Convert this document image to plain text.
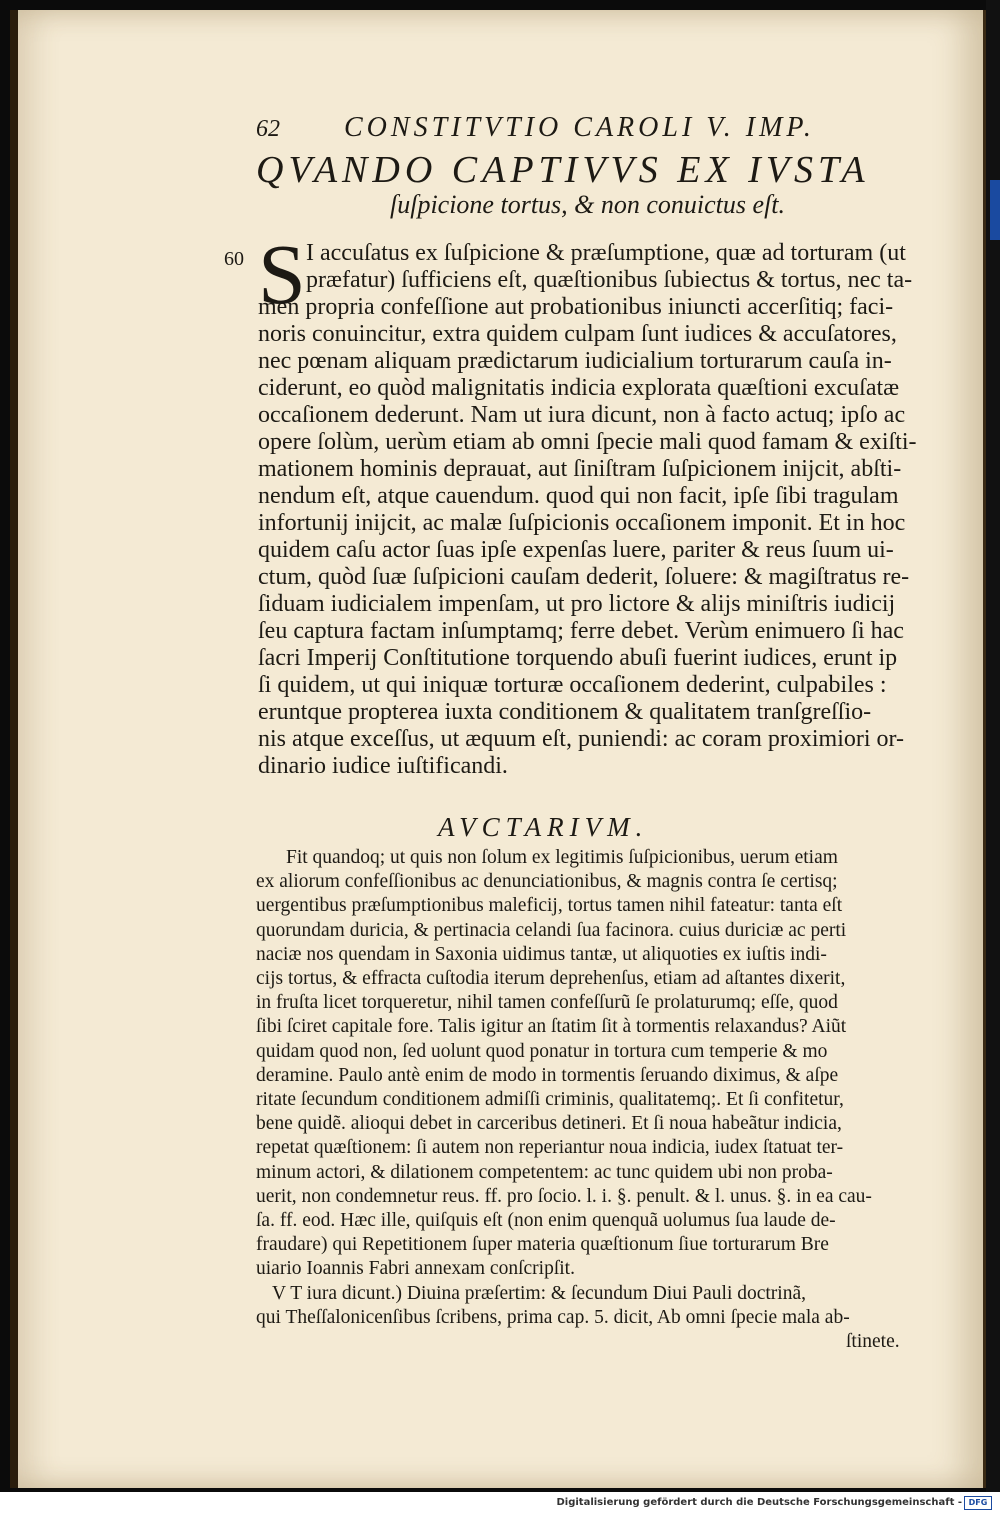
62 CONSTITVTIO CAROLI V. IMP.
QVANDO CAPTIVVS EX IVSTA
ſuſpicione tortus, & non conuictus eſt.
60 S I accuſatus ex ſuſpicione & præſumptione, quæ ad torturam (ut
præfatur) ſufficiens eſt, quæſtionibus ſubiectus & tortus, nec ta-
men propria confeſſione aut probationibus iniuncti accerſitiq; faci-
noris conuincitur, extra quidem culpam ſunt iudices & accuſatores,
nec pœnam aliquam prædictarum iudicialium torturarum cauſa in-
ciderunt, eo quòd malignitatis indicia explorata quæſtioni excuſatæ
occaſionem dederunt. Nam ut iura dicunt, non à facto actuq; ipſo ac
opere ſolùm, uerùm etiam ab omni ſpecie mali quod famam & exiſti-
mationem hominis deprauat, aut ſiniſtram ſuſpicionem inijcit, abſti-
nendum eſt, atque cauendum. quod qui non facit, ipſe ſibi tragulam
infortunij inijcit, ac malæ ſuſpicionis occaſionem imponit. Et in hoc
quidem caſu actor ſuas ipſe expenſas luere, pariter & reus ſuum ui-
ctum, quòd ſuæ ſuſpicioni cauſam dederit, ſoluere: & magiſtratus re-
ſiduam iudicialem impenſam, ut pro lictore & alijs miniſtris iudicij
ſeu captura factam inſumptamq; ferre debet. Verùm enimuero ſi hac
ſacri Imperij Conſtitutione torquendo abuſi fuerint iudices, erunt ip
ſi quidem, ut qui iniquæ torturæ occaſionem dederint, culpabiles :
eruntque propterea iuxta conditionem & qualitatem tranſgreſſio-
nis atque exceſſus, ut æquum eſt, puniendi: ac coram proximiori or-
dinario iudice iuſtificandi.
AVCTARIVM.
Fit quandoq; ut quis non ſolum ex legitimis ſuſpicionibus, uerum etiam
ex aliorum confeſſionibus ac denunciationibus, & magnis contra ſe certisq;
uergentibus præſumptionibus maleficij, tortus tamen nihil fateatur: tanta eſt
quorundam duricia, & pertinacia celandi ſua facinora. cuius duriciæ ac perti
naciæ nos quendam in Saxonia uidimus tantæ, ut aliquoties ex iuſtis indi-
cijs tortus, & effracta cuſtodia iterum deprehenſus, etiam ad aſtantes dixerit,
in fruſta licet torqueretur, nihil tamen confeſſurũ ſe prolaturumq; eſſe, quod
ſibi ſciret capitale fore. Talis igitur an ſtatim ſit à tormentis relaxandus? Aiũt
quidam quod non, ſed uolunt quod ponatur in tortura cum temperie & mo
deramine. Paulo antè enim de modo in tormentis ſeruando diximus, & aſpe
ritate ſecundum conditionem admiſſi criminis, qualitatemq;. Et ſi confitetur,
bene quidẽ. alioqui debet in carceribus detineri. Et ſi noua habeãtur indicia,
repetat quæſtionem: ſi autem non reperiantur noua indicia, iudex ſtatuat ter-
minum actori, & dilationem competentem: ac tunc quidem ubi non proba-
uerit, non condemnetur reus. ff. pro ſocio. l. i. §. penult. & l. unus. §. in ea cau-
ſa. ff. eod. Hæc ille, quiſquis eſt (non enim quenquã uolumus ſua laude de-
fraudare) qui Repetitionem ſuper materia quæſtionum ſiue torturarum Bre
uiario Ioannis Fabri annexam conſcripſit.
V T iura dicunt.) Diuina præſertim: & ſecundum Diui Pauli doctrinã,
qui Theſſalonicenſibus ſcribens, prima cap. 5. dicit, Ab omni ſpecie mala ab-
ſtinete.
Digitalisierung gefördert durch die Deutsche Forschungsgemeinschaft - DFG
